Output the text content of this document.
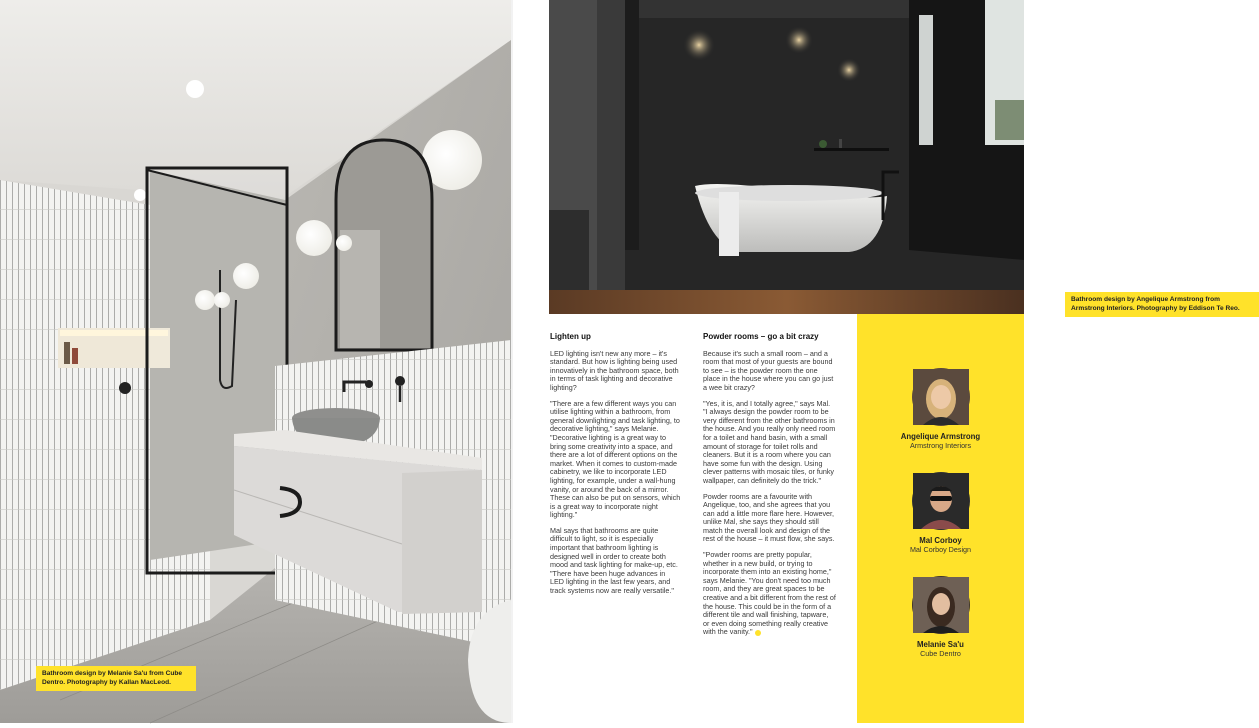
Bathroom design by Melanie Sa'u from Cube Dentro. Photography by Kallan MacLeod.
Bathroom design by Angelique Armstrong from Armstrong Interiors. Photography by Eddison Te Reo.
Lighten up

LED lighting isn't new any more – it's standard. But how is lighting being used innovatively in the bathroom space, both in terms of task lighting and decorative lighting?

"There are a few different ways you can utilise lighting within a bathroom, from general downlighting and task lighting, to decorative lighting," says Melanie. "Decorative lighting is a great way to bring some creativity into a space, and there are a lot of different options on the market. When it comes to custom-made cabinetry, we like to incorporate LED lighting, for example, under a wall-hung vanity, or around the back of a mirror. These can also be put on sensors, which is a great way to incorporate night lighting."

Mal says that bathrooms are quite difficult to light, so it is especially important that bathroom lighting is designed well in order to create both mood and task lighting for make-up, etc. "There have been huge advances in LED lighting in the last few years, and track systems now are really versatile."

Powder rooms – go a bit crazy

Because it's such a small room – and a room that most of your guests are bound to see – is the powder room the one place in the house where you can go just a wee bit crazy?

"Yes, it is, and I totally agree," says Mal. "I always design the powder room to be very different from the other bathrooms in the house. And you really only need room for a toilet and hand basin, with a small amount of storage for toilet rolls and cleaners. But it is a room where you can have some fun with the design. Using clever patterns with mosaic tiles, or funky wallpaper, can definitely do the trick."

Powder rooms are a favourite with Angelique, too, and she agrees that you can add a little more flare here. However, unlike Mal, she says they should still match the overall look and design of the rest of the house – it must flow, she says.

"Powder rooms are pretty popular, whether in a new build, or trying to incorporate them into an existing home," says Melanie. "You don't need too much room, and they are great spaces to be creative and a bit different from the rest of the house. This could be in the form of a different tile and wall finishing, tapware, or even doing something really creative with the vanity."

Angelique Armstrong
Armstrong Interiors
Mal Corboy
Mal Corboy Design
Melanie Sa'u
Cube Dentro
